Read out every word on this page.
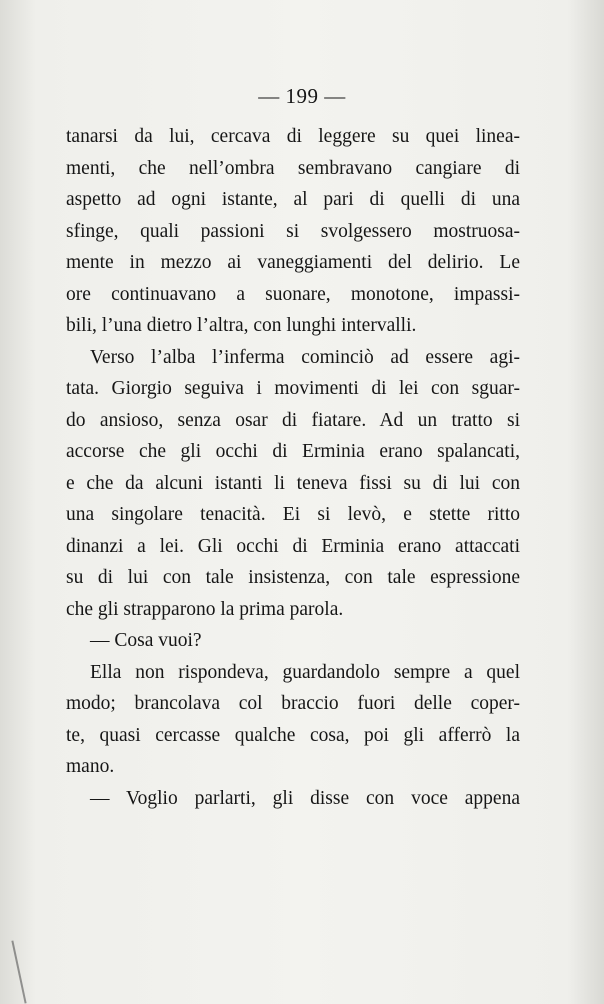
— 199 —
tanarsi da lui, cercava di leggere su quei linea-
menti, che nell’ombra sembravano cangiare di
aspetto ad ogni istante, al pari di quelli di una
sfinge, quali passioni si svolgessero mostruosa-
mente in mezzo ai vaneggiamenti del delirio. Le
ore continuavano a suonare, monotone, impassi-
bili, l’una dietro l’altra, con lunghi intervalli.
Verso l’alba l’inferma cominciò ad essere agi-
tata. Giorgio seguiva i movimenti di lei con sguar-
do ansioso, senza osar di fiatare. Ad un tratto si
accorse che gli occhi di Erminia erano spalancati,
e che da alcuni istanti li teneva fissi su di lui con
una singolare tenacità. Ei si levò, e stette ritto
dinanzi a lei. Gli occhi di Erminia erano attaccati
su di lui con tale insistenza, con tale espressione
che gli strapparono la prima parola.
— Cosa vuoi?
Ella non rispondeva, guardandolo sempre a quel
modo; brancolava col braccio fuori delle coper-
te, quasi cercasse qualche cosa, poi gli afferrò la
mano.
— Voglio parlarti, gli disse con voce appena
